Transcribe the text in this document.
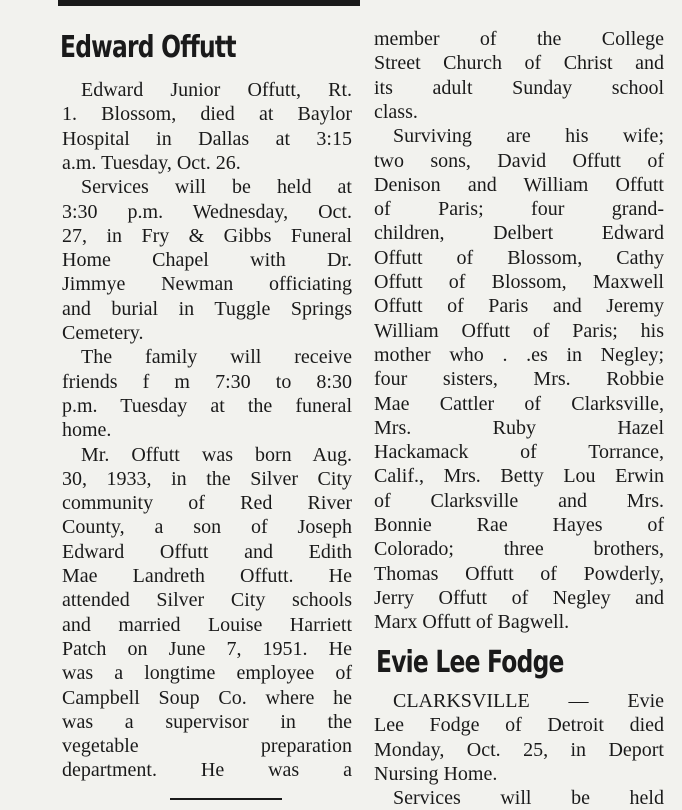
Edward Offutt
Edward Junior Offutt, Rt.
1. Blossom, died at Baylor
Hospital in Dallas at 3:15
a.m. Tuesday, Oct. 26.
Services will be held at
3:30 p.m. Wednesday, Oct.
27, in Fry & Gibbs Funeral
Home Chapel with Dr.
Jimmye Newman officiating
and burial in Tuggle Springs
Cemetery.
The family will receive
friends f m 7:30 to 8:30
p.m. Tuesday at the funeral
home.
Mr. Offutt was born Aug.
30, 1933, in the Silver City
community of Red River
County, a son of Joseph
Edward Offutt and Edith
Mae Landreth Offutt. He
attended Silver City schools
and married Louise Harriett
Patch on June 7, 1951. He
was a longtime employee of
Campbell Soup Co. where he
was a supervisor in the
vegetable preparation
department. He was a
member of the College
Street Church of Christ and
its adult Sunday school
class.
Surviving are his wife;
two sons, David Offutt of
Denison and William Offutt
of Paris; four grand-
children, Delbert Edward
Offutt of Blossom, Cathy
Offutt of Blossom, Maxwell
Offutt of Paris and Jeremy
William Offutt of Paris; his
mother who . .es in Negley;
four sisters, Mrs. Robbie
Mae Cattler of Clarksville,
Mrs. Ruby Hazel
Hackamack of Torrance,
Calif., Mrs. Betty Lou Erwin
of Clarksville and Mrs.
Bonnie Rae Hayes of
Colorado; three brothers,
Thomas Offutt of Powderly,
Jerry Offutt of Negley and
Marx Offutt of Bagwell.
Evie Lee Fodge
CLARKSVILLE — Evie
Lee Fodge of Detroit died
Monday, Oct. 25, in Deport
Nursing Home.
Services will be held
